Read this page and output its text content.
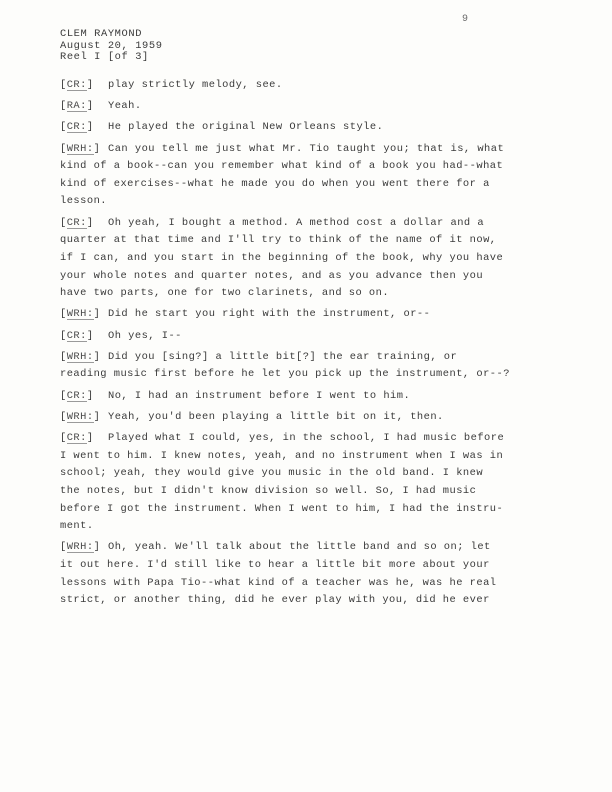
9
CLEM RAYMOND
August 20, 1959
Reel I [of 3]
[CR:] play strictly melody, see.
[RA:] Yeah.
[CR:] He played the original New Orleans style.
[WRH:] Can you tell me just what Mr. Tio taught you; that is, what
kind of a book--can you remember what kind of a book you had--what
kind of exercises--what he made you do when you went there for a
lesson.
[CR:] Oh yeah, I bought a method. A method cost a dollar and a
quarter at that time and I'll try to think of the name of it now,
if I can, and you start in the beginning of the book, why you have
your whole notes and quarter notes, and as you advance then you
have two parts, one for two clarinets, and so on.
[WRH:] Did he start you right with the instrument, or--
[CR:] Oh yes, I--
[WRH:] Did you [sing?] a little bit[?] the ear training, or
reading music first before he let you pick up the instrument, or--?
[CR:] No, I had an instrument before I went to him.
[WRH:] Yeah, you'd been playing a little bit on it, then.
[CR:] Played what I could, yes, in the school, I had music before
I went to him. I knew notes, yeah, and no instrument when I was in
school; yeah, they would give you music in the old band. I knew
the notes, but I didn't know division so well. So, I had music
before I got the instrument. When I went to him, I had the instru-
ment.
[WRH:] Oh, yeah. We'll talk about the little band and so on; let
it out here. I'd still like to hear a little bit more about your
lessons with Papa Tio--what kind of a teacher was he, was he real
strict, or another thing, did he ever play with you, did he ever
